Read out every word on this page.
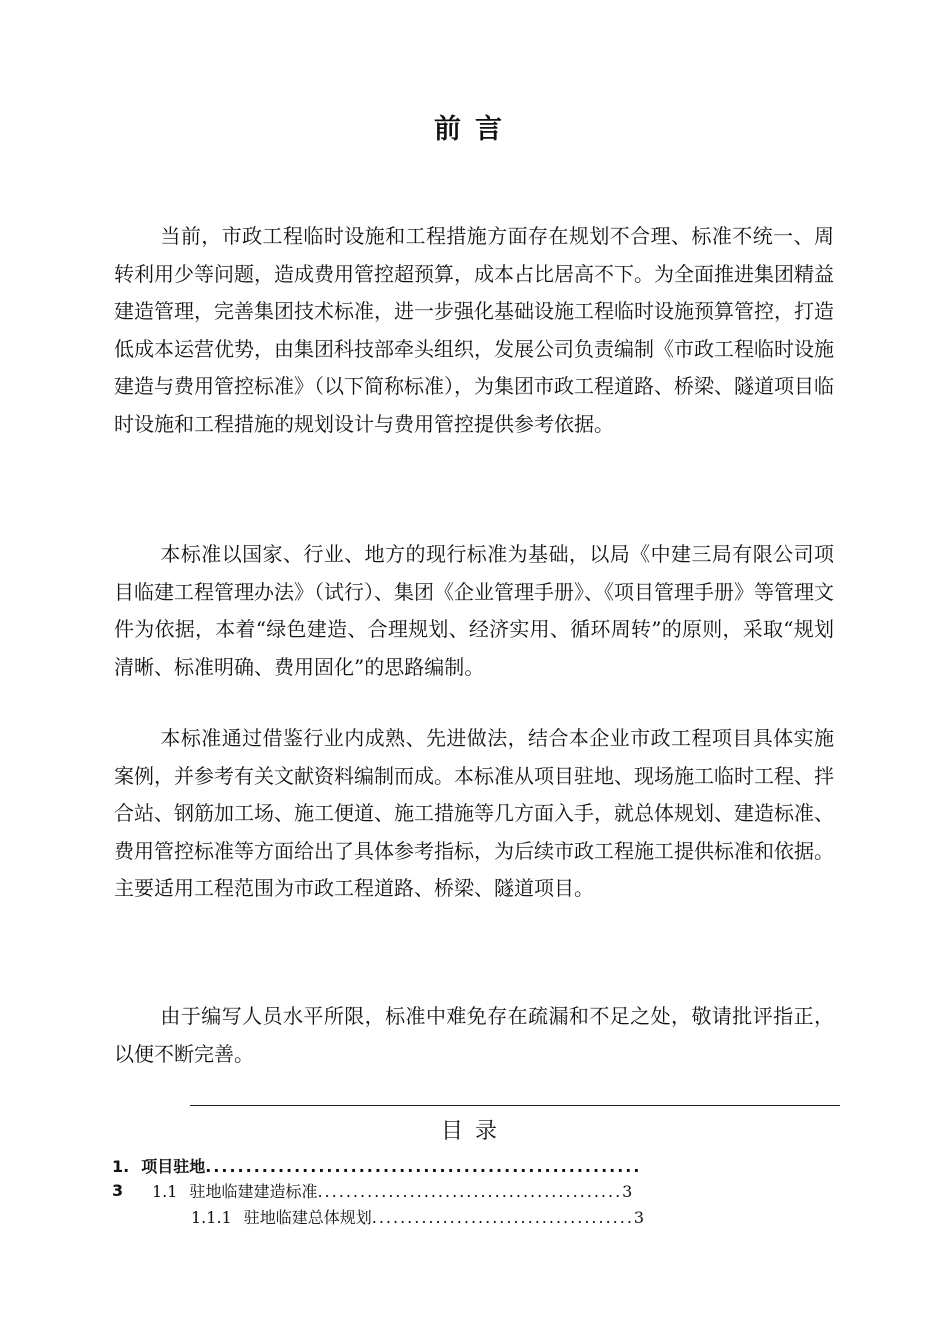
前言

当前，市政工程临时设施和工程措施方面存在规划不合理、标准不统一、周转利用少等问题，造成费用管控超预算，成本占比居高不下。为全面推进集团精益建造管理，完善集团技术标准，进一步强化基础设施工程临时设施预算管控，打造低成本运营优势，由集团科技部牵头组织，发展公司负责编制《市政工程临时设施建造与费用管控标准》（以下简称标准），为集团市政工程道路、桥梁、隧道项目临时设施和工程措施的规划设计与费用管控提供参考依据。

本标准以国家、行业、地方的现行标准为基础，以局《中建三局有限公司项目临建工程管理办法》（试行）、集团《企业管理手册》、《项目管理手册》等管理文件为依据，本着“绿色建造、合理规划、经济实用、循环周转”的原则，采取“规划清晰、标准明确、费用固化”的思路编制。

本标准通过借鉴行业内成熟、先进做法，结合本企业市政工程项目具体实施案例，并参考有关文献资料编制而成。本标准从项目驻地、现场施工临时工程、拌合站、钢筋加工场、施工便道、施工措施等几方面入手，就总体规划、建造标准、费用管控标准等方面给出了具体参考指标，为后续市政工程施工提供标准和依据。主要适用工程范围为市政工程道路、桥梁、隧道项目。

由于编写人员水平所限，标准中难免存在疏漏和不足之处，敬请批评指正，以便不断完善。

目录
1. 项目驻地......................................................
3 1.1 驻地临建建造标准...........................................3
1.1.1 驻地临建总体规划.....................................3
